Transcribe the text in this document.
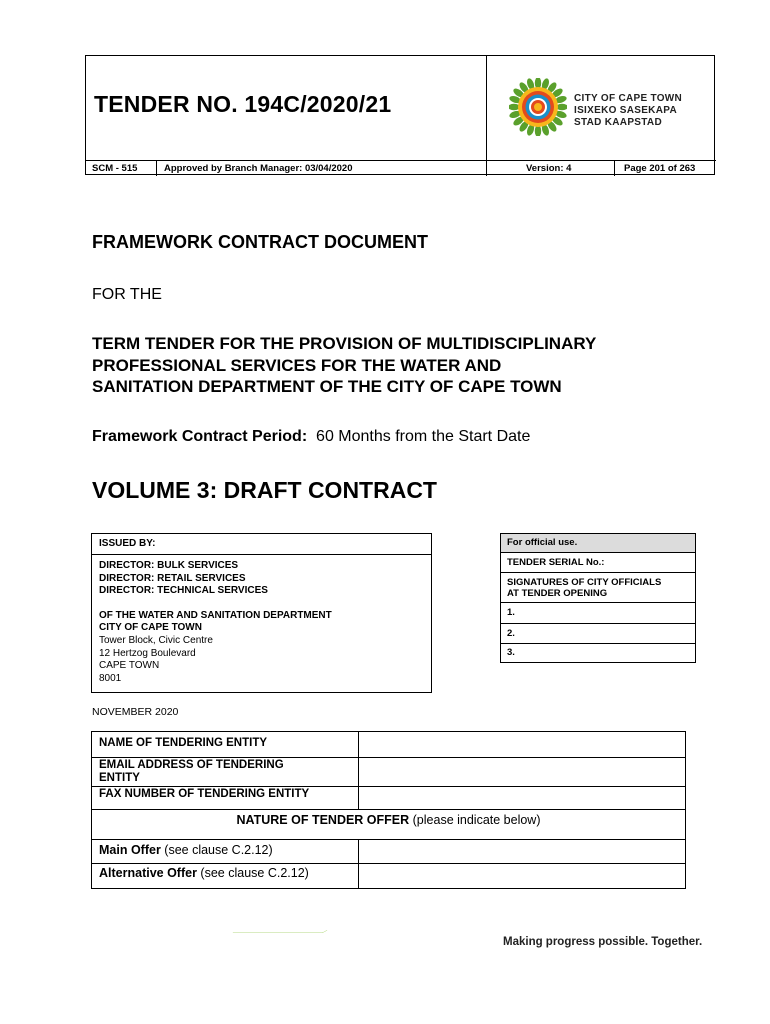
TENDER NO. 194C/2020/21	CITY OF CAPE TOWN
ISIXEKO SASEKAPA
STAD KAAPSTAD
SCM - 515	Approved by Branch Manager: 03/04/2020	Version: 4	Page 201 of 263
FRAMEWORK CONTRACT DOCUMENT
FOR THE
TERM TENDER FOR THE PROVISION OF MULTIDISCIPLINARY
PROFESSIONAL SERVICES FOR THE WATER AND
SANITATION DEPARTMENT OF THE CITY OF CAPE TOWN
Framework Contract Period: 60 Months from the Start Date
VOLUME 3: DRAFT CONTRACT
ISSUED BY:
DIRECTOR: BULK SERVICES
DIRECTOR: RETAIL SERVICES
DIRECTOR: TECHNICAL SERVICES
OF THE WATER AND SANITATION DEPARTMENT
CITY OF CAPE TOWN
Tower Block, Civic Centre
12 Hertzog Boulevard
CAPE TOWN
8001
For official use.
TENDER SERIAL No.:
SIGNATURES OF CITY OFFICIALS
AT TENDER OPENING
1.
2.
3.
NOVEMBER 2020
NAME OF TENDERING ENTITY
EMAIL ADDRESS OF TENDERING
ENTITY
FAX NUMBER OF TENDERING ENTITY
NATURE OF TENDER OFFER (please indicate below)
Main Offer (see clause C.2.12)
Alternative Offer (see clause C.2.12)
Making progress possible. Together.
